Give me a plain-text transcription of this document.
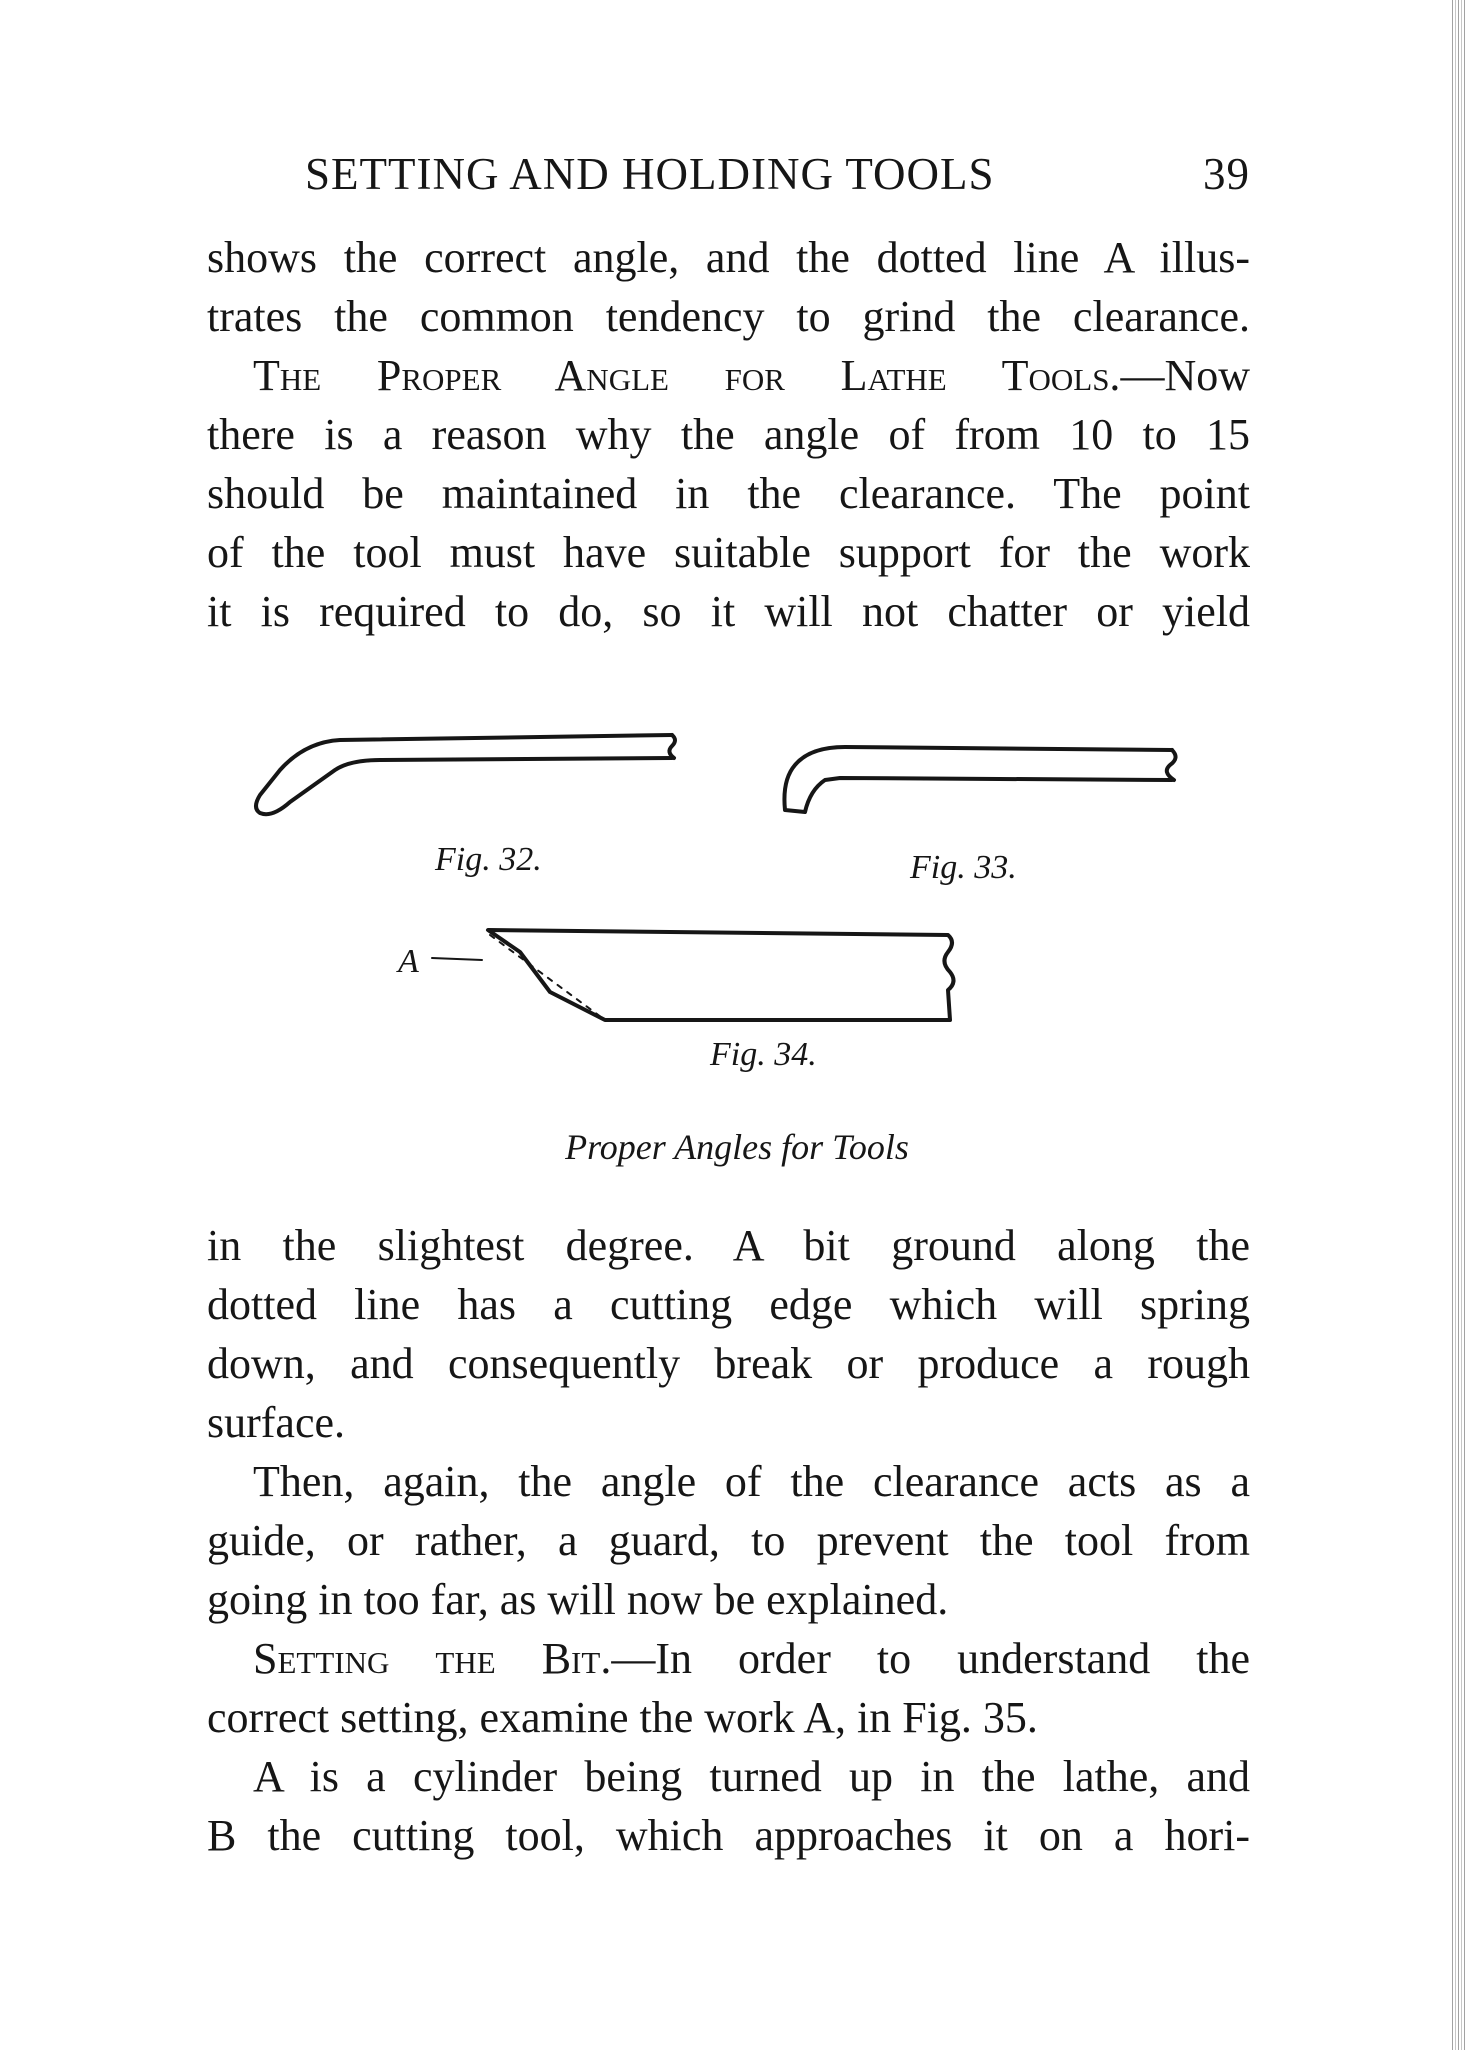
SETTING AND HOLDING TOOLS	39
shows the correct angle, and the dotted line A illus-
trates the common tendency to grind the clearance.
The Proper Angle for Lathe Tools.—Now
there is a reason why the angle of from 10 to 15
should be maintained in the clearance. The point
of the tool must have suitable support for the work
it is required to do, so it will not chatter or yield
Fig. 32.	Fig. 33.
A
Fig. 34.
Proper Angles for Tools
in the slightest degree. A bit ground along the
dotted line has a cutting edge which will spring
down, and consequently break or produce a rough
surface.
Then, again, the angle of the clearance acts as a
guide, or rather, a guard, to prevent the tool from
going in too far, as will now be explained.
Setting the Bit.—In order to understand the
correct setting, examine the work A, in Fig. 35.
A is a cylinder being turned up in the lathe, and
B the cutting tool, which approaches it on a hori-
